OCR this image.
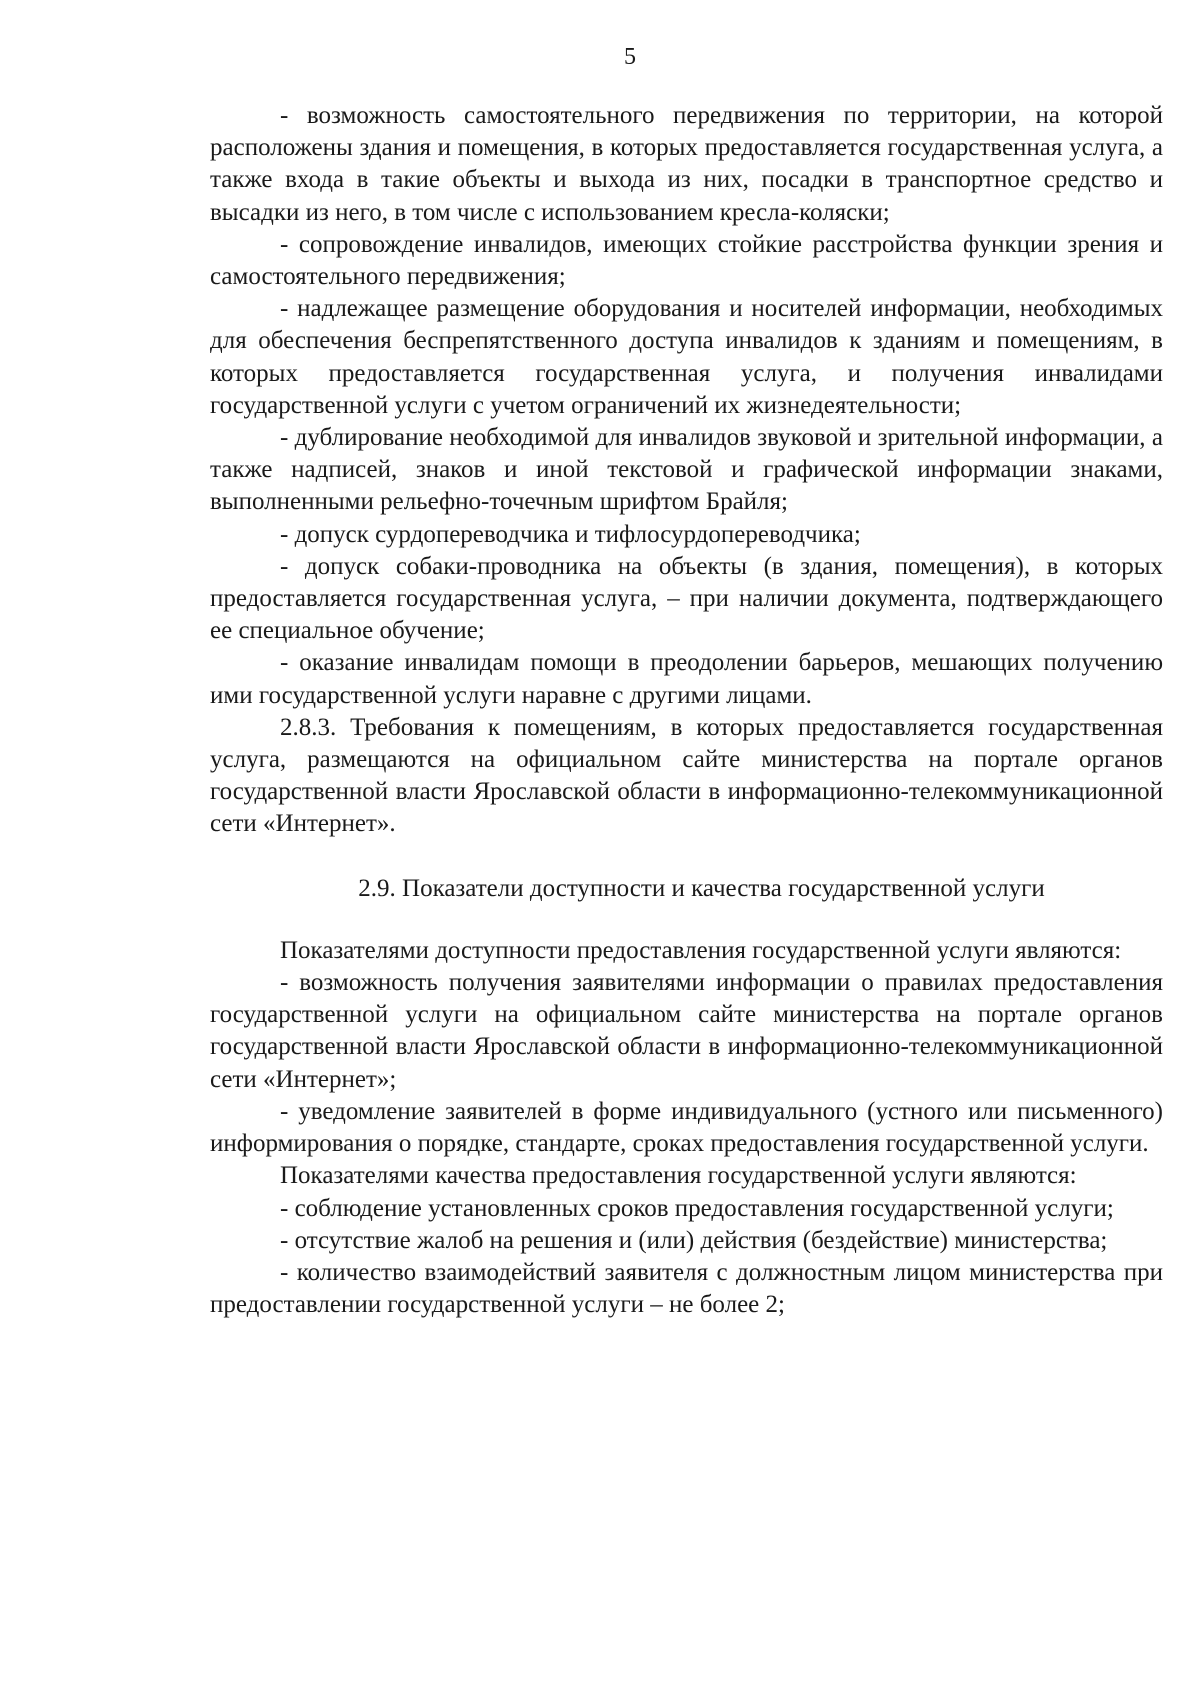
5

- возможность самостоятельного передвижения по территории, на которой расположены здания и помещения, в которых предоставляется государственная услуга, а также входа в такие объекты и выхода из них, посадки в транспортное средство и высадки из него, в том числе с использованием кресла-коляски;

- сопровождение инвалидов, имеющих стойкие расстройства функции зрения и самостоятельного передвижения;

- надлежащее размещение оборудования и носителей информации, необходимых для обеспечения беспрепятственного доступа инвалидов к зданиям и помещениям, в которых предоставляется государственная услуга, и получения инвалидами государственной услуги с учетом ограничений их жизнедеятельности;

- дублирование необходимой для инвалидов звуковой и зрительной информации, а также надписей, знаков и иной текстовой и графической информации знаками, выполненными рельефно-точечным шрифтом Брайля;

- допуск сурдопереводчика и тифлосурдопереводчика;

- допуск собаки-проводника на объекты (в здания, помещения), в которых предоставляется государственная услуга, – при наличии документа, подтверждающего ее специальное обучение;

- оказание инвалидам помощи в преодолении барьеров, мешающих получению ими государственной услуги наравне с другими лицами.

2.8.3. Требования к помещениям, в которых предоставляется государственная услуга, размещаются на официальном сайте министерства на портале органов государственной власти Ярославской области в информационно-телекоммуникационной сети «Интернет».

2.9. Показатели доступности и качества государственной услуги

Показателями доступности предоставления государственной услуги являются:

- возможность получения заявителями информации о правилах предоставления государственной услуги на официальном сайте министерства на портале органов государственной власти Ярославской области в информационно-телекоммуникационной сети «Интернет»;

- уведомление заявителей в форме индивидуального (устного или письменного) информирования о порядке, стандарте, сроках предоставления государственной услуги.

Показателями качества предоставления государственной услуги являются:

- соблюдение установленных сроков предоставления государственной услуги;

- отсутствие жалоб на решения и (или) действия (бездействие) министерства;

- количество взаимодействий заявителя с должностным лицом министерства при предоставлении государственной услуги – не более 2;
